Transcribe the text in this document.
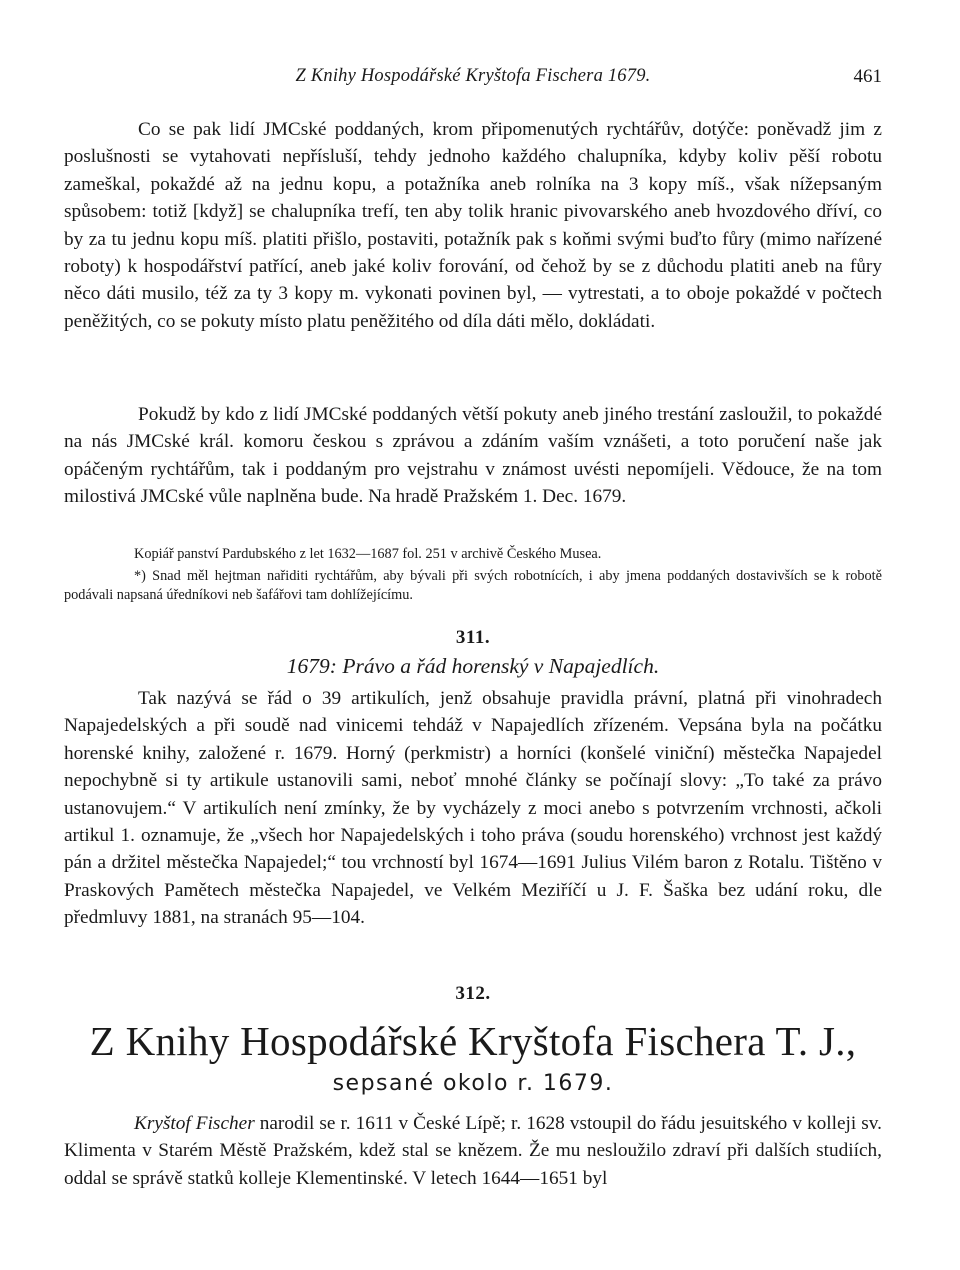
Z Knihy Hospodářské Kryštofa Fischera 1679.	461
Co se pak lidí JMCské poddaných, krom připomenutých rychtářův, dotýče: poněvadž jim z poslušnosti se vytahovati nepřísluší, tehdy jednoho každého chalupníka, kdyby koliv pěší robotu zameškal, pokaždé až na jednu kopu, a potažníka aneb rolníka na 3 kopy míš., však nížepsaným spůsobem: totiž [když] se chalupníka trefí, ten aby tolik hranic pivovarského aneb hvozdového dříví, co by za tu jednu kopu míš. platiti přišlo, postaviti, potažník pak s koňmi svými buďto fůry (mimo nařízené roboty) k hospodářství patřící, aneb jaké koliv forování, od čehož by se z důchodu platiti aneb na fůry něco dáti musilo, též za ty 3 kopy m. vykonati povinen byl, — vytrestati, a to oboje pokaždé v počtech peněžitých, co se pokuty místo platu peněžitého od díla dáti mělo, dokládati.
Pokudž by kdo z lidí JMCské poddaných větší pokuty aneb jiného trestání zasloužil, to pokaždé na nás JMCské král. komoru českou s zprávou a zdáním vaším vznášeti, a toto poručení naše jak opáčeným rychtářům, tak i poddaným pro vejstrahu v známost uvésti nepomíjeli. Vědouce, že na tom milostivá JMCské vůle naplněna bude. Na hradě Pražském 1. Dec. 1679.
Kopiář panství Pardubského z let 1632—1687 fol. 251 v archivě Českého Musea.
*) Snad měl hejtman nařiditi rychtářům, aby bývali při svých robotnících, i aby jmena poddaných dostavivších se k robotě podávali napsaná úředníkovi neb šafářovi tam dohlížejícímu.
311.
1679: Právo a řád horenský v Napajedlích.
Tak nazývá se řád o 39 artikulích, jenž obsahuje pravidla právní, platná při vinohradech Napajedelských a při soudě nad vinicemi tehdáž v Napajedlích zřízeném. Vepsána byla na počátku horenské knihy, založené r. 1679. Horný (perkmistr) a horníci (konšelé viniční) městečka Napajedel nepochybně si ty artikule ustanovili sami, neboť mnohé články se počínají slovy: „To také za právo ustanovujem.“ V artikulích není zmínky, že by vycházely z moci anebo s potvrzením vrchnosti, ačkoli artikul 1. oznamuje, že „všech hor Napajedelských i toho práva (soudu horenského) vrchnost jest každý pán a držitel městečka Napajedel;“ tou vrchností byl 1674—1691 Julius Vilém baron z Rotalu. Tištěno v Praskových Pamětech městečka Napajedel, ve Velkém Meziříčí u J. F. Šaška bez udání roku, dle předmluvy 1881, na stranách 95—104.
312.
Z Knihy Hospodářské Kryštofa Fischera T. J.,
sepsané okolo r. 1679.
Kryštof Fischer narodil se r. 1611 v České Lípě; r. 1628 vstoupil do řádu jesuitského v kolleji sv. Klimenta v Starém Městě Pražském, kdež stal se knězem. Že mu nesloužilo zdraví při dalších studiích, oddal se správě statků kolleje Klementinské. V letech 1644—1651 byl
